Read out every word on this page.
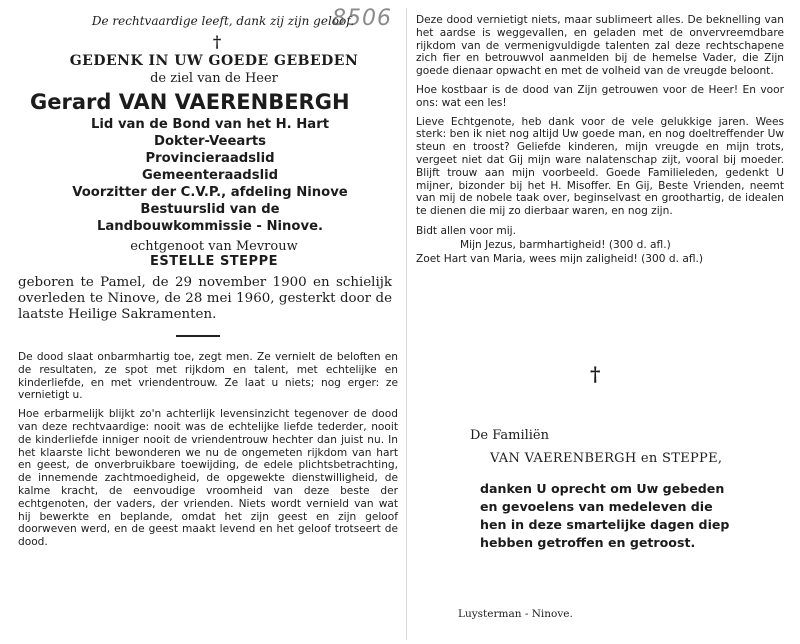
8506
De rechtvaardige leeft, dank zij zijn geloof.
†
GEDENK IN UW GOEDE GEBEDEN
de ziel van de Heer
Gerard VAN VAERENBERGH
Lid van de Bond van het H. Hart
Dokter-Veearts
Provincieraadslid
Gemeenteraadslid
Voorzitter der C.V.P., afdeling Ninove
Bestuurslid van de
Landbouwkommissie - Ninove.
echtgenoot van Mevrouw
ESTELLE STEPPE
geboren te Pamel, de 29 november 1900 en schielijk overleden te Ninove, de 28 mei 1960, gesterkt door de laatste Heilige Sakramenten.

De dood slaat onbarmhartig toe, zegt men. Ze vernielt de beloften en de resultaten, ze spot met rijkdom en talent, met echtelijke en kinderliefde, en met vriendentrouw. Ze laat u niets; nog erger: ze vernietigt u.

Hoe erbarmelijk blijkt zo'n achterlijk levensinzicht tegenover de dood van deze rechtvaardige: nooit was de echtelijke liefde tederder, nooit de kinderliefde inniger nooit de vriendentrouw hechter dan juist nu. In het klaarste licht bewonderen we nu de ongemeten rijkdom van hart en geest, de onverbruikbare toewijding, de edele plichtsbetrachting, de innemende zachtmoedigheid, de opgewekte dienstwilligheid, de kalme kracht, de eenvoudige vroomheid van deze beste der echtgenoten, der vaders, der vrienden. Niets wordt vernield van wat hij bewerkte en beplande, omdat het zijn geest en zijn geloof doorweven werd, en de geest maakt levend en het geloof trotseert de dood.

Deze dood vernietigt niets, maar sublimeert alles. De beknelling van het aardse is weggevallen, en geladen met de onvervreemdbare rijkdom van de vermenigvuldigde talenten zal deze rechtschapene zich fier en betrouwvol aanmelden bij de hemelse Vader, die Zijn goede dienaar opwacht en met de volheid van de vreugde beloont.

Hoe kostbaar is de dood van Zijn getrouwen voor de Heer! En voor ons: wat een les!

Lieve Echtgenote, heb dank voor de vele gelukkige jaren. Wees sterk: ben ik niet nog altijd Uw goede man, en nog doeltreffender Uw steun en troost? Geliefde kinderen, mijn vreugde en mijn trots, vergeet niet dat Gij mijn ware nalatenschap zijt, vooral bij moeder. Blijft trouw aan mijn voorbeeld. Goede Familieleden, gedenkt U mijner, bizonder bij het H. Misoffer. En Gij, Beste Vrienden, neemt van mij de nobele taak over, beginselvast en groothartig, de idealen te dienen die mij zo dierbaar waren, en nog zijn.

Bidt allen voor mij.
Mijn Jezus, barmhartigheid! (300 d. afl.)
Zoet Hart van Maria, wees mijn zaligheid! (300 d. afl.)
†
De Familiën
VAN VAERENBERGH en STEPPE,
danken U oprecht om Uw gebeden
en gevoelens van medeleven die
hen in deze smartelijke dagen diep
hebben getroffen en getroost.
Luysterman - Ninove.
